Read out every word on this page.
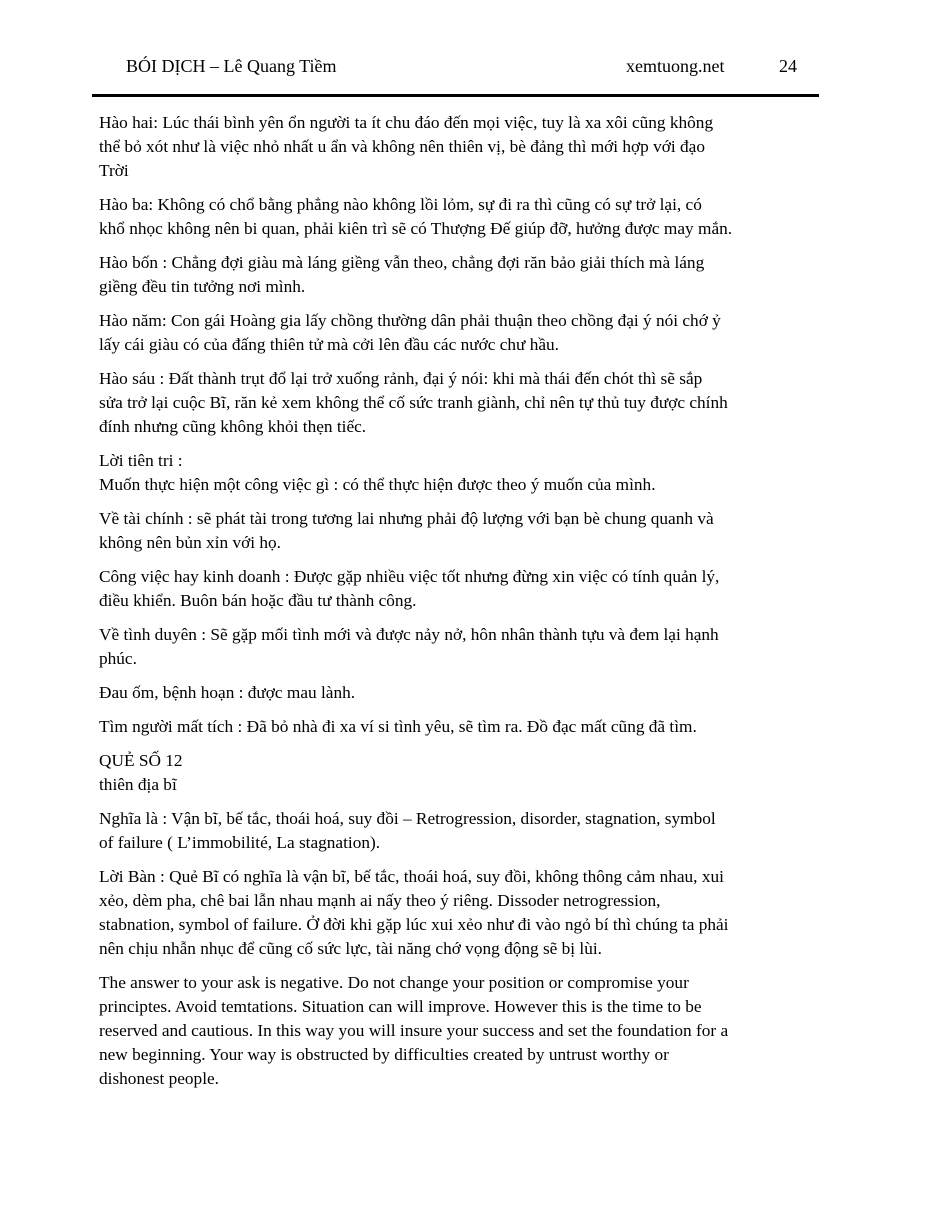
BÓI DỊCH – Lê Quang Tiềm	xemtuong.net	24

Hào hai: Lúc thái bình yên ổn người ta ít chu đáo đến mọi việc, tuy là xa xôi cũng không
thể bỏ xót như là việc nhỏ nhất u ẩn và không nên thiên vị, bè đảng thì mới hợp với đạo
Trời

Hào ba: Không có chổ bằng phẳng nào không lồi lỏm, sự đi ra thì cũng có sự trở lại, có
khổ nhọc không nên bi quan, phải kiên trì sẽ có Thượng Đế giúp đỡ, hưởng được may mắn.

Hào bốn : Chẳng đợi giàu mà láng giềng vẫn theo, chẳng đợi răn bảo giải thích mà láng
giềng đều tin tưởng nơi mình.

Hào năm: Con gái Hoàng gia lấy chồng thường dân phải thuận theo chồng đại ý nói chớ ỷ
lấy cái giàu có của đấng thiên tử mà cởi lên đầu các nước chư hầu.

Hào sáu : Đất thành trụt đổ lại trở xuống rảnh, đại ý nói: khi mà thái đến chót thì sẽ sắp
sửa trở lại cuộc Bĩ, răn kẻ xem không thể cố sức tranh giành, chỉ nên tự thủ tuy được chính
đính nhưng cũng không khỏi thẹn tiếc.

Lời tiên tri :
Muốn thực hiện một công việc gì : có thể thực hiện được theo ý muốn của mình.

Về tài chính : sẽ phát tài trong tương lai nhưng phải độ lượng với bạn bè chung quanh và
không nên bủn xỉn với họ.

Công việc hay kinh doanh : Được gặp nhiều việc tốt nhưng đừng xin việc có tính quản lý,
điều khiển. Buôn bán hoặc đầu tư thành công.

Về tình duyên : Sẽ gặp mối tình mới và được nảy nở, hôn nhân thành tựu và đem lại hạnh
phúc.

Đau ốm, bệnh hoạn : được mau lành.

Tìm người mất tích : Đã bỏ nhà đi xa ví si tình yêu, sẽ tìm ra. Đồ đạc mất cũng đã tìm.

QUẺ SỐ 12
thiên địa bĩ

Nghĩa là : Vận bĩ, bế tắc, thoái hoá, suy đồi – Retrogression, disorder, stagnation, symbol
of failure ( L’immobilité, La stagnation).

Lời Bàn : Quẻ Bĩ có nghĩa là vận bĩ, bế tắc, thoái hoá, suy đồi, không thông cảm nhau, xui
xẻo, dèm pha, chê bai lẫn nhau mạnh ai nấy theo ý riêng. Dissoder netrogression,
stabnation, symbol of failure. Ở đời khi gặp lúc xui xẻo như đi vào ngỏ bí thì chúng ta phải
nên chịu nhẫn nhục để cũng cố sức lực, tài năng chớ vọng động sẽ bị lùi.

The answer to your ask is negative. Do not change your position or compromise your
principtes. Avoid temtations. Situation can will improve. However this is the time to be
reserved and cautious. In this way you will insure your success and set the foundation for a
new beginning. Your way is obstructed by difficulties created by untrust worthy or
dishonest people.
